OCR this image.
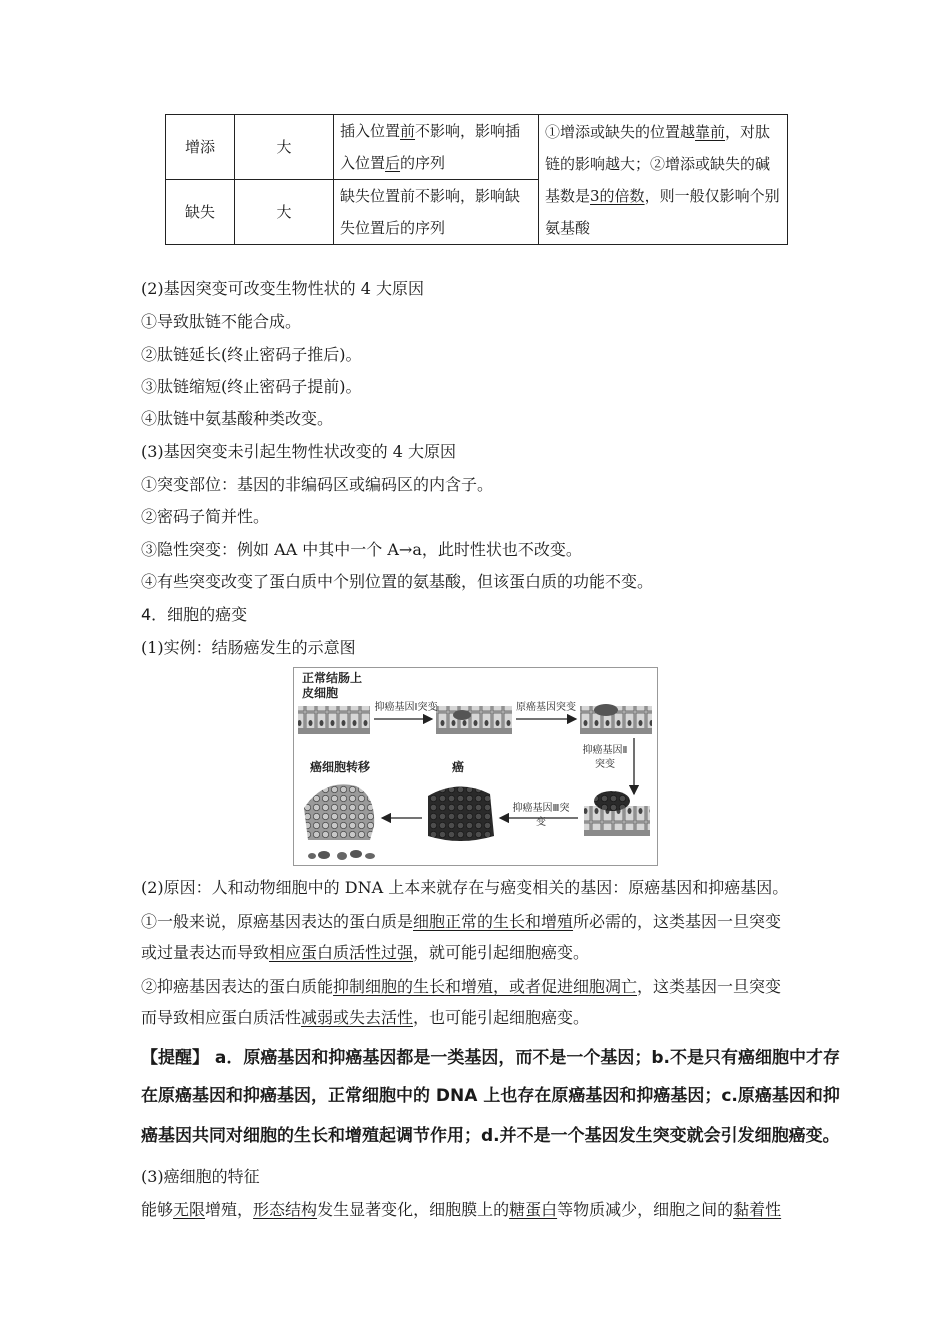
增添	大	插入位置前不影响，影响插入位置后的序列	①增添或缺失的位置越靠前，对肽链的影响越大；②增添或缺失的碱基数是3的倍数，则一般仅影响个别氨基酸

缺失	大	缺失位置前不影响，影响缺失位置后的序列	
(2)基因突变可改变生物性状的 4 大原因
①导致肽链不能合成。
②肽链延长(终止密码子推后)。
③肽链缩短(终止密码子提前)。
④肽链中氨基酸种类改变。
(3)基因突变未引起生物性状改变的 4 大原因
①突变部位：基因的非编码区或编码区的内含子。
②密码子简并性。
③隐性突变：例如 AA 中其中一个 A→a，此时性状也不改变。
④有些突变改变了蛋白质中个别位置的氨基酸，但该蛋白质的功能不变。
4．细胞的癌变
(1)实例：结肠癌发生的示意图
正常结肠上皮细胞
抑癌基因Ⅰ突变	原癌基因突变
抑癌基因Ⅱ突变
抑癌基因Ⅲ突变
癌
癌细胞转移
(2)原因：人和动物细胞中的 DNA 上本来就存在与癌变相关的基因：原癌基因和抑癌基因。
①一般来说，原癌基因表达的蛋白质是细胞正常的生长和增殖所必需的，这类基因一旦突变
或过量表达而导致相应蛋白质活性过强，就可能引起细胞癌变。
②抑癌基因表达的蛋白质能抑制细胞的生长和增殖，或者促进细胞凋亡，这类基因一旦突变
而导致相应蛋白质活性减弱或失去活性，也可能引起细胞癌变。
【提醒】 a．原癌基因和抑癌基因都是一类基因，而不是一个基因；b.不是只有癌细胞中才存
在原癌基因和抑癌基因，正常细胞中的 DNA 上也存在原癌基因和抑癌基因；c.原癌基因和抑
癌基因共同对细胞的生长和增殖起调节作用；d.并不是一个基因发生突变就会引发细胞癌变。
(3)癌细胞的特征
能够无限增殖，形态结构发生显著变化，细胞膜上的糖蛋白等物质减少，细胞之间的黏着性
